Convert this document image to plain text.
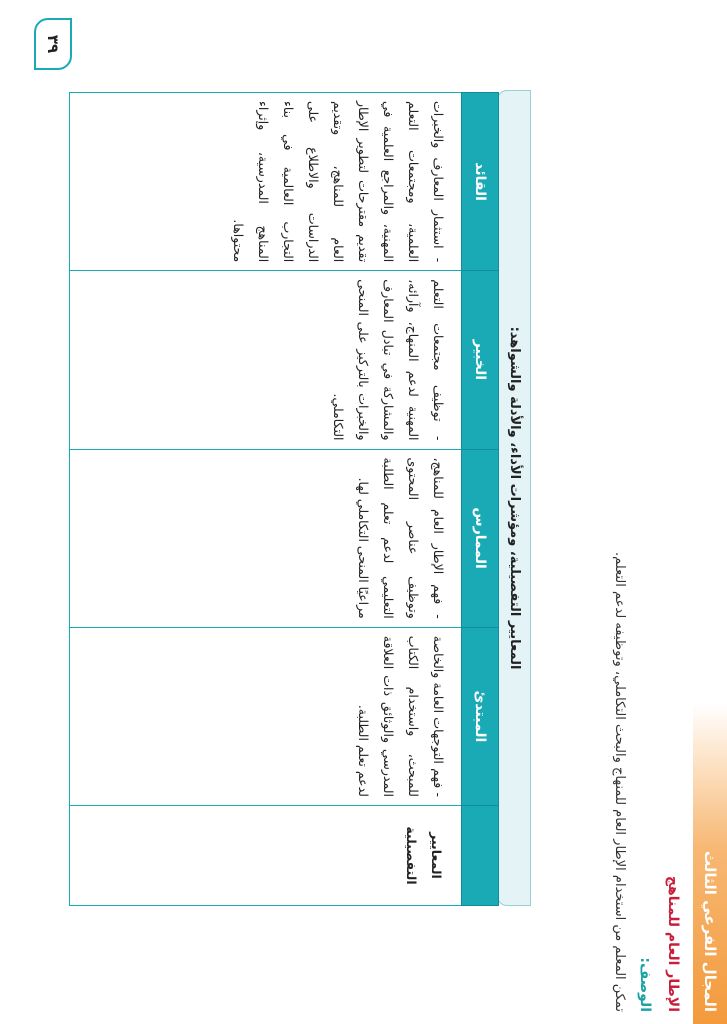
المجال الفرعي الثالث
الإطار العام للمناهج
الوصف:
تمكن المعلم من استخدام الإطار العام للمنهاج والبحث التكاملي، وتوظيفه لدعم التعلم.
المعايير التفصيلية، ومؤشرات الأداء، والأدلة والشواهد:
	المبتدئ	الممارس	الخبير	القائد
المعايير التفصيلية	- فهم التوجهات العامة والخاصة للمبحث، واستخدام الكتاب المدرسي والوثائق ذات العلاقة لدعم تعلم الطلبة.	- فهم الإطار العام للمناهج، وتوظيف عناصر المحتوى التعليمي لدعم تعلم الطلبة مراعيًا المنحى التكاملي لها.	- توظيف مجتمعات التعلم المهنية لدعم المنهاج، وآرائه، والمشاركة في تبادل المعارف والخبرات بالتركيز على المنحى التكاملي.	- استثمار المعارف والخبرات العلمية، ومجتمعات التعلم المهنية، والمراجع العلمية في تقديم مقترحات لتطوير الإطار العام للمناهج، وتقديم الدراسات والاطلاع على التجارب العالمية في بناء المناهج المدرسية، وإثراء محتواها.
٣٩
